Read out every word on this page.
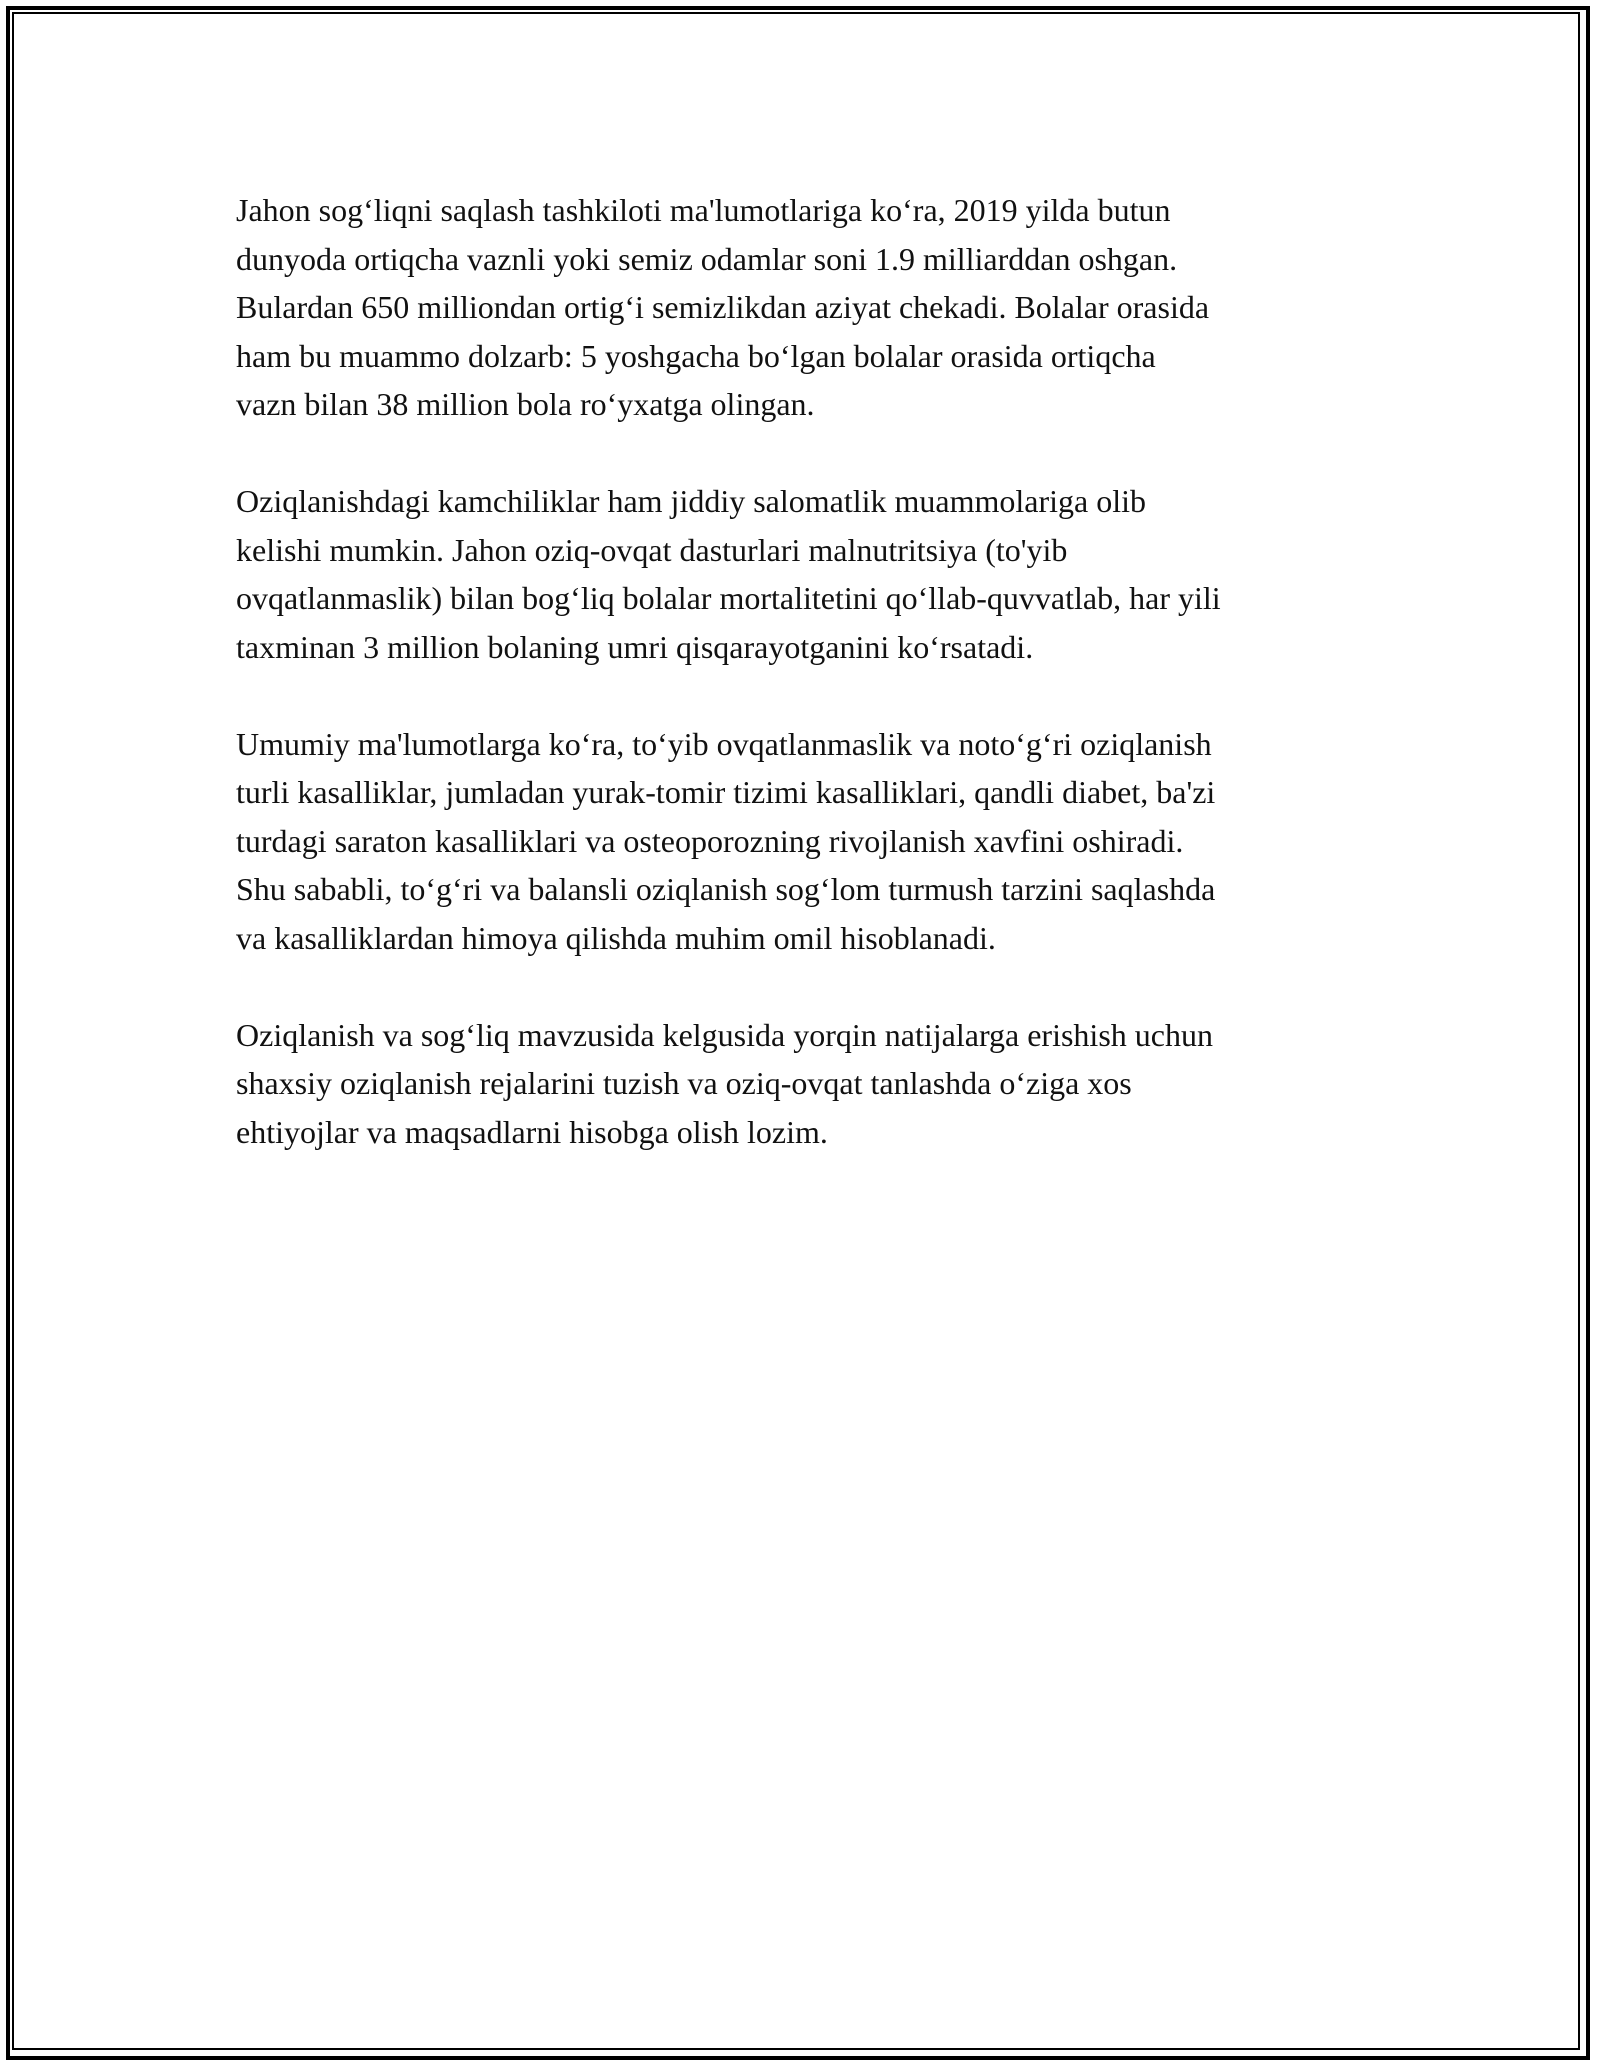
Jahon sog‘liqni saqlash tashkiloti ma'lumotlariga ko‘ra, 2019 yilda butun
dunyoda ortiqcha vaznli yoki semiz odamlar soni 1.9 milliarddan oshgan.
Bulardan 650 milliondan ortig‘i semizlikdan aziyat chekadi. Bolalar orasida
ham bu muammo dolzarb: 5 yoshgacha bo‘lgan bolalar orasida ortiqcha
vazn bilan 38 million bola ro‘yxatga olingan.

Oziqlanishdagi kamchiliklar ham jiddiy salomatlik muammolariga olib
kelishi mumkin. Jahon oziq-ovqat dasturlari malnutritsiya (to'yib
ovqatlanmaslik) bilan bog‘liq bolalar mortalitetini qo‘llab-quvvatlab, har yili
taxminan 3 million bolaning umri qisqarayotganini ko‘rsatadi.

Umumiy ma'lumotlarga ko‘ra, to‘yib ovqatlanmaslik va noto‘g‘ri oziqlanish
turli kasalliklar, jumladan yurak-tomir tizimi kasalliklari, qandli diabet, ba'zi
turdagi saraton kasalliklari va osteoporozning rivojlanish xavfini oshiradi.
Shu sababli, to‘g‘ri va balansli oziqlanish sog‘lom turmush tarzini saqlashda
va kasalliklardan himoya qilishda muhim omil hisoblanadi.

Oziqlanish va sog‘liq mavzusida kelgusida yorqin natijalarga erishish uchun
shaxsiy oziqlanish rejalarini tuzish va oziq-ovqat tanlashda o‘ziga xos
ehtiyojlar va maqsadlarni hisobga olish lozim.
